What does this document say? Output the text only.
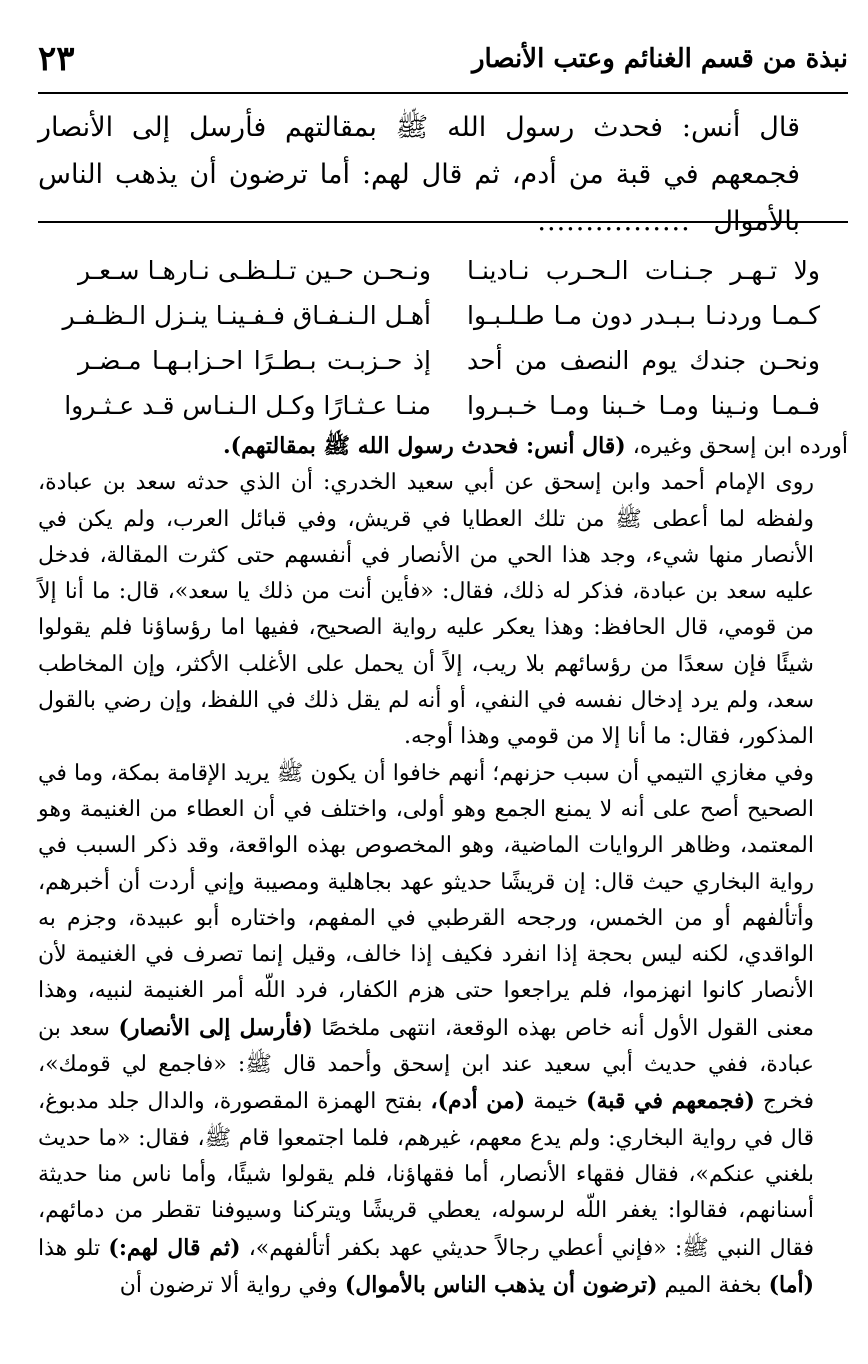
نبذة من قسم الغنائم وعتب الأنصار
٢٣

قال أنس: فحدث رسول الله ﷺ بمقالتهم فأرسل إلى الأنصار فجمعهم في قبة من أدم، ثم قال لهم: أما ترضون أن يذهب الناس بالأموال ................

ولا تـهـر جـنـات الـحـرب نـادينـا
ونـحـن حـين تـلـظـى نـارهـا سـعـر
كـمـا وردنـا بـبـدر دون مـا طـلـبـوا
أهـل الـنـفـاق فـفـينـا ينـزل الـظـفـر
ونحـن جندك يوم النصف من أحد
إذ حـزبـت بـطـرًا احـزابـهـا مـضـر
فـمـا ونـينا ومـا خـبنا ومـا خـبـروا
منـا عـثـارًا وكـل الـنـاس قـد عـثـروا

أورده ابن إسحق وغيره، (قال أنس: فحدث رسول الله ﷺ بمقالتهم).

روى الإمام أحمد وابن إسحق عن أبي سعيد الخدري: أن الذي حدثه سعد بن عبادة، ولفظه لما أعطى ﷺ من تلك العطايا في قريش، وفي قبائل العرب، ولم يكن في الأنصار منها شيء، وجد هذا الحي من الأنصار في أنفسهم حتى كثرت المقالة، فدخل عليه سعد بن عبادة، فذكر له ذلك، فقال: «فأين أنت من ذلك يا سعد»، قال: ما أنا إلاً من قومي، قال الحافظ: وهذا يعكر عليه رواية الصحيح، ففيها اما رؤساؤنا فلم يقولوا شيئًا فإن سعدًا من رؤسائهم بلا ريب، إلاً أن يحمل على الأغلب الأكثر، وإن المخاطب سعد، ولم يرد إدخال نفسه في النفي، أو أنه لم يقل ذلك في اللفظ، وإن رضي بالقول المذكور، فقال: ما أنا إلا من قومي وهذا أوجه.

وفي مغازي التيمي أن سبب حزنهم؛ أنهم خافوا أن يكون ﷺ يريد الإقامة بمكة، وما في الصحيح أصح على أنه لا يمنع الجمع وهو أولى، واختلف في أن العطاء من الغنيمة وهو المعتمد، وظاهر الروايات الماضية، وهو المخصوص بهذه الواقعة، وقد ذكر السبب في رواية البخاري حيث قال: إن قريشًا حديثو عهد بجاهلية ومصيبة وإني أردت أن أخبرهم، وأتألفهم أو من الخمس، ورجحه القرطبي في المفهم، واختاره أبو عبيدة، وجزم به الواقدي، لكنه ليس بحجة إذا انفرد فكيف إذا خالف، وقيل إنما تصرف في الغنيمة لأن الأنصار كانوا انهزموا، فلم يراجعوا حتى هزم الكفار، فرد اللّه أمر الغنيمة لنبيه، وهذا معنى القول الأول أنه خاص بهذه الوقعة، انتهى ملخصًا (فأرسل إلى الأنصار) سعد بن عبادة، ففي حديث أبي سعيد عند ابن إسحق وأحمد قال ﷺ: «فاجمع لي قومك»، فخرج (فجمعهم في قبة) خيمة (من أدم)، بفتح الهمزة المقصورة، والدال جلد مدبوغ، قال في رواية البخاري: ولم يدع معهم، غيرهم، فلما اجتمعوا قام ﷺ، فقال: «ما حديث بلغني عنكم»، فقال فقهاء الأنصار، أما فقهاؤنا، فلم يقولوا شيئًا، وأما ناس منا حديثة أسنانهم، فقالوا: يغفر اللّه لرسوله، يعطي قريشًا ويتركنا وسيوفنا تقطر من دمائهم، فقال النبي ﷺ: «فإني أعطي رجالاً حديثي عهد بكفر أتألفهم»، (ثم قال لهم:) تلو هذا (أما) بخفة الميم (ترضون أن يذهب الناس بالأموال) وفي رواية ألا ترضون أن
